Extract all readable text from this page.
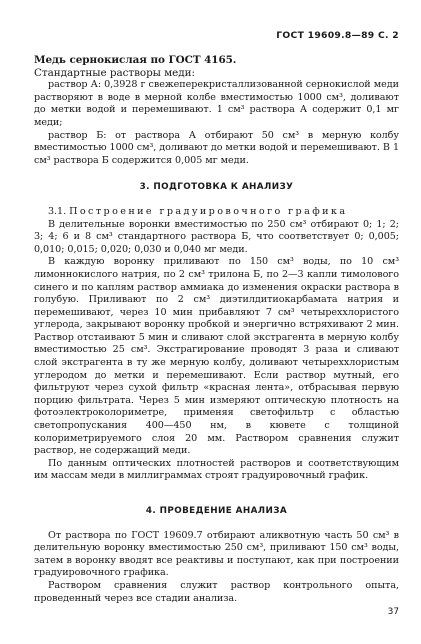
ГОСТ 19609.8—89 С. 2

Медь сернокислая по ГОСТ 4165.

Стандартные растворы меди:

раствор А: 0,3928 г свежеперекристаллизованной сернокислой меди растворяют в воде в мерной колбе вместимостью 1000 см³, доливают до метки водой и перемешивают. 1 см³ раствора А содержит 0,1 мг меди;

раствор Б: от раствора А отбирают 50 см³ в мерную колбу вместимостью 1000 см³, доливают до метки водой и перемешивают. В 1 см³ раствора Б содержится 0,005 мг меди.

3. ПОДГОТОВКА К АНАЛИЗУ

3.1. Построение градуировочного графика

В делительные воронки вместимостью по 250 см³ отбирают 0; 1; 2; 3; 4; 6 и 8 см³ стандартного раствора Б, что соответствует 0; 0,005; 0,010; 0,015; 0,020; 0,030 и 0,040 мг меди.

В каждую воронку приливают по 150 см³ воды, по 10 см³ лимоннокислого натрия, по 2 см³ трилона Б, по 2—3 капли тимолового синего и по каплям раствор аммиака до изменения окраски раствора в голубую. Приливают по 2 см³ диэтилдитиокарбамата натрия и перемешивают, через 10 мин прибавляют 7 см³ четыреххлористого углерода, закрывают воронку пробкой и энергично встряхивают 2 мин. Раствор отстаивают 5 мин и сливают слой экстрагента в мерную колбу вместимостью 25 см³. Экстрагирование проводят 3 раза и сливают слой экстрагента в ту же мерную колбу, доливают четыреххлористым углеродом до метки и перемешивают. Если раствор мутный, его фильтруют через сухой фильтр «красная лента», отбрасывая первую порцию фильтрата. Через 5 мин измеряют оптическую плотность на фотоэлектроколориметре, применяя светофильтр с областью светопропускания 400—450 нм, в кювете с толщиной колориметрируемого слоя 20 мм. Раствором сравнения служит раствор, не содержащий меди.

По данным оптических плотностей растворов и соответствующим им массам меди в миллиграммах строят градуировочный график.

4. ПРОВЕДЕНИЕ АНАЛИЗА

От раствора по ГОСТ 19609.7 отбирают аликвотную часть 50 см³ в делительную воронку вместимостью 250 см³, приливают 150 см³ воды, затем в воронку вводят все реактивы и поступают, как при построении градуировочного графика.

Раствором сравнения служит раствор контрольного опыта, проведенный через все стадии анализа.

37
